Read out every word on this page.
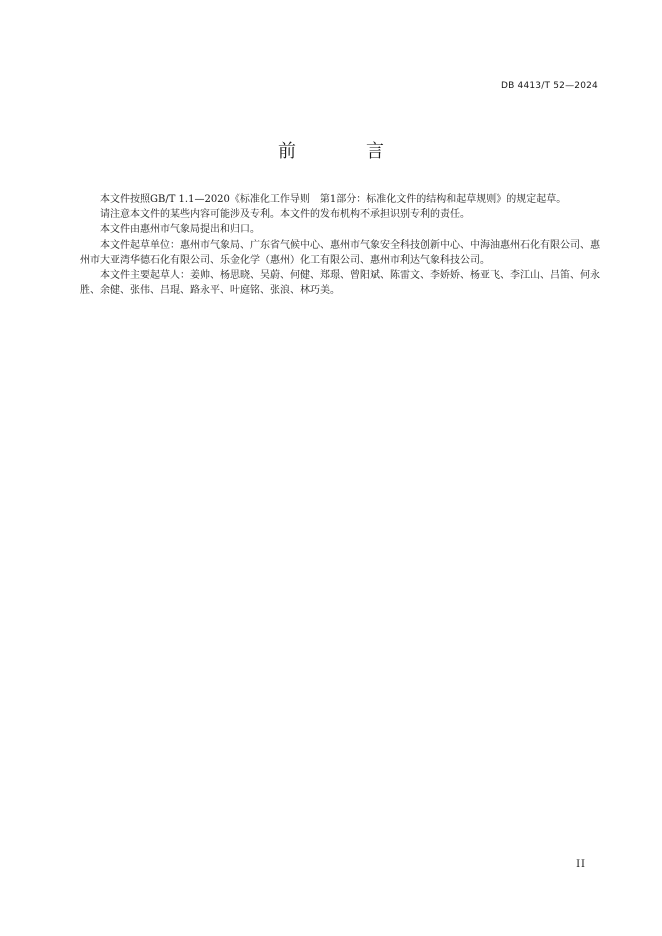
DB 4413/T 52—2024
前　言

本文件按照GB/T 1.1—2020《标准化工作导则　第1部分：标准化文件的结构和起草规则》的规定起草。

请注意本文件的某些内容可能涉及专利。本文件的发布机构不承担识别专利的责任。

本文件由惠州市气象局提出和归口。

本文件起草单位：惠州市气象局、广东省气候中心、惠州市气象安全科技创新中心、中海油惠州石化有限公司、惠州市大亚湾华德石化有限公司、乐金化学（惠州）化工有限公司、惠州市利达气象科技公司。

本文件主要起草人：姜帅、杨思晓、吴蔚、何健、郑璟、曾阳斌、陈雷文、李娇娇、杨亚飞、李江山、吕笛、何永胜、余健、张伟、吕琨、路永平、叶庭铭、张浪、林巧美。

II
